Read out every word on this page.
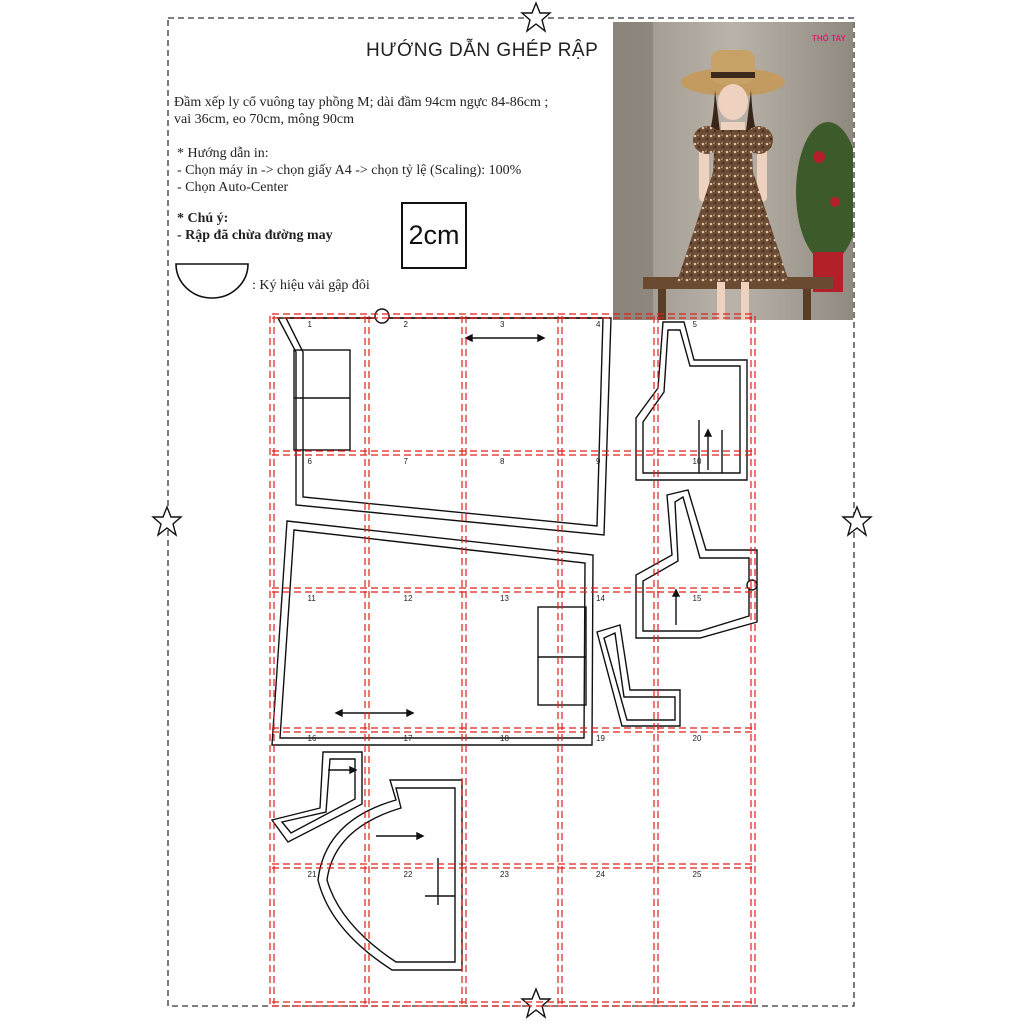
HƯỚNG DẪN GHÉP RẬP
Đầm xếp ly cổ vuông tay phồng M; dài đầm 94cm ngực 84-86cm ;
vai 36cm, eo 70cm, mông 90cm
* Hướng dẫn in:
- Chọn máy in -> chọn giấy A4 -> chọn tỷ lệ (Scaling): 100%
- Chọn Auto-Center
* Chú ý:
- Rập đã chừa đường may	2cm
: Ký hiệu vải gập đôi
THỎ TAY
1	2	3	4	5
6	7	8	9	10
11	12	13	14	15
16	17	18	19	20
21	22	23	24	25
